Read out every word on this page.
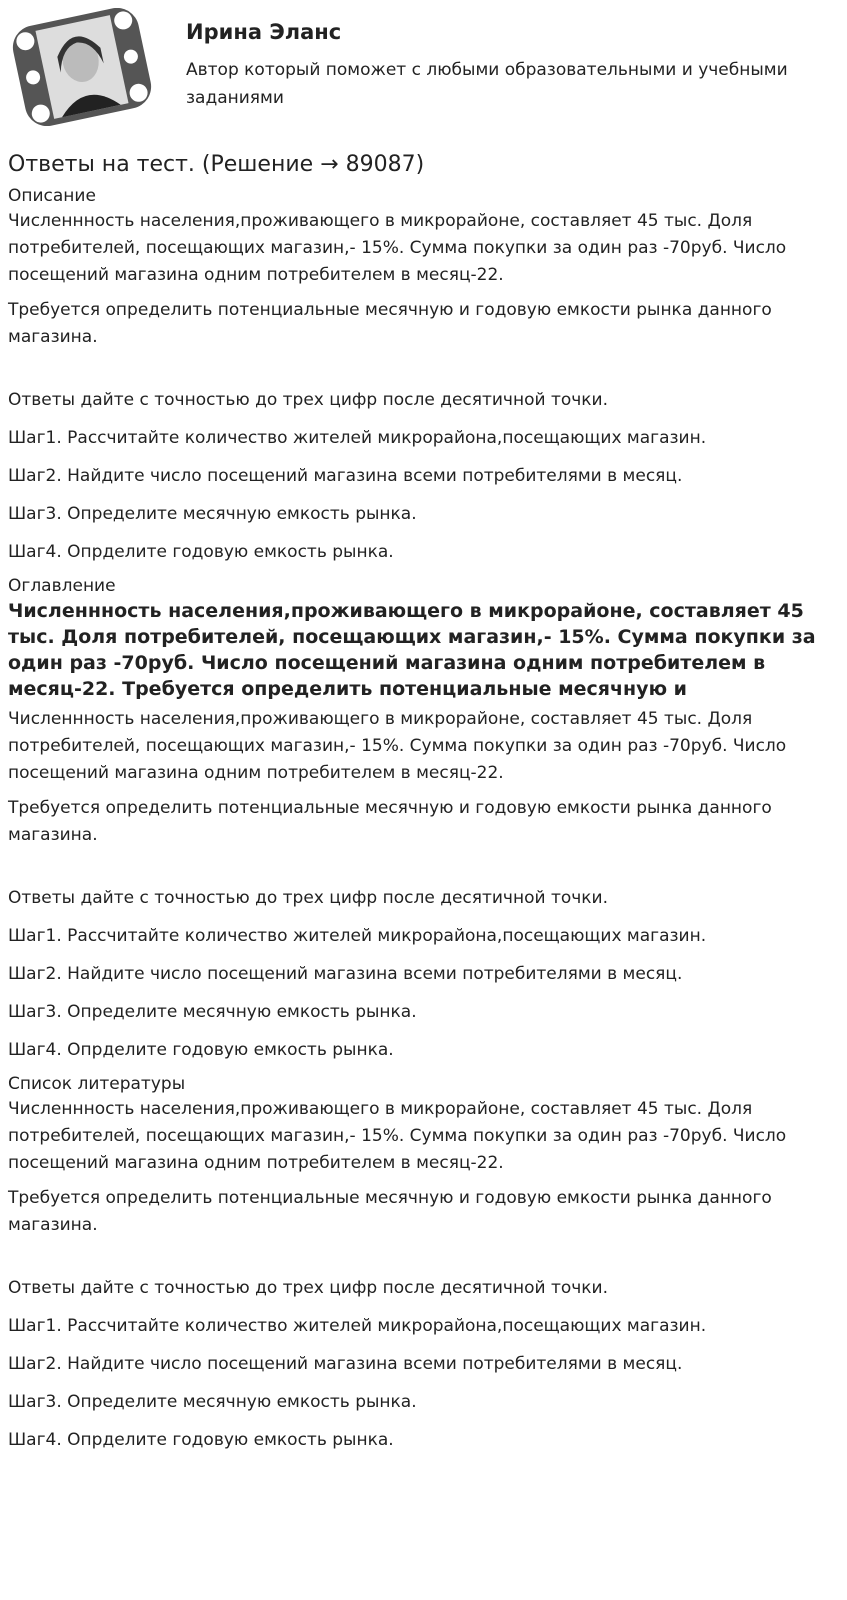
Ирина Эланс
Автор который поможет с любыми образовательными и учебными заданиями
Ответы на тест. (Решение → 89087)
Описание

Численнность населения,проживающего в микрорайоне, составляет 45 тыс. Доля потребителей, посещающих магазин,- 15%. Сумма покупки за один раз -70руб. Число посещений магазина одним потребителем в месяц-22.

Требуется определить потенциальные месячную и годовую емкости рынка данного магазина.

Ответы дайте с точностью до трех цифр после десятичной точки.

Шаг1. Рассчитайте количество жителей микрорайона,посещающих магазин.

Шаг2. Найдите число посещений магазина всеми потребителями в месяц.

Шаг3. Определите месячную емкость рынка.

Шаг4. Опрделите годовую емкость рынка.

Оглавление

Численнность населения,проживающего в микрорайоне, составляет 45 тыс. Доля потребителей, посещающих магазин,- 15%. Сумма покупки за один раз -70руб. Число посещений магазина одним потребителем в месяц-22. Требуется определить потенциальные месячную и

Численнность населения,проживающего в микрорайоне, составляет 45 тыс. Доля потребителей, посещающих магазин,- 15%. Сумма покупки за один раз -70руб. Число посещений магазина одним потребителем в месяц-22.

Требуется определить потенциальные месячную и годовую емкости рынка данного магазина.

Ответы дайте с точностью до трех цифр после десятичной точки.

Шаг1. Рассчитайте количество жителей микрорайона,посещающих магазин.

Шаг2. Найдите число посещений магазина всеми потребителями в месяц.

Шаг3. Определите месячную емкость рынка.

Шаг4. Опрделите годовую емкость рынка.

Список литературы

Численнность населения,проживающего в микрорайоне, составляет 45 тыс. Доля потребителей, посещающих магазин,- 15%. Сумма покупки за один раз -70руб. Число посещений магазина одним потребителем в месяц-22.

Требуется определить потенциальные месячную и годовую емкости рынка данного магазина.

Ответы дайте с точностью до трех цифр после десятичной точки.

Шаг1. Рассчитайте количество жителей микрорайона,посещающих магазин.

Шаг2. Найдите число посещений магазина всеми потребителями в месяц.

Шаг3. Определите месячную емкость рынка.

Шаг4. Опрделите годовую емкость рынка.
